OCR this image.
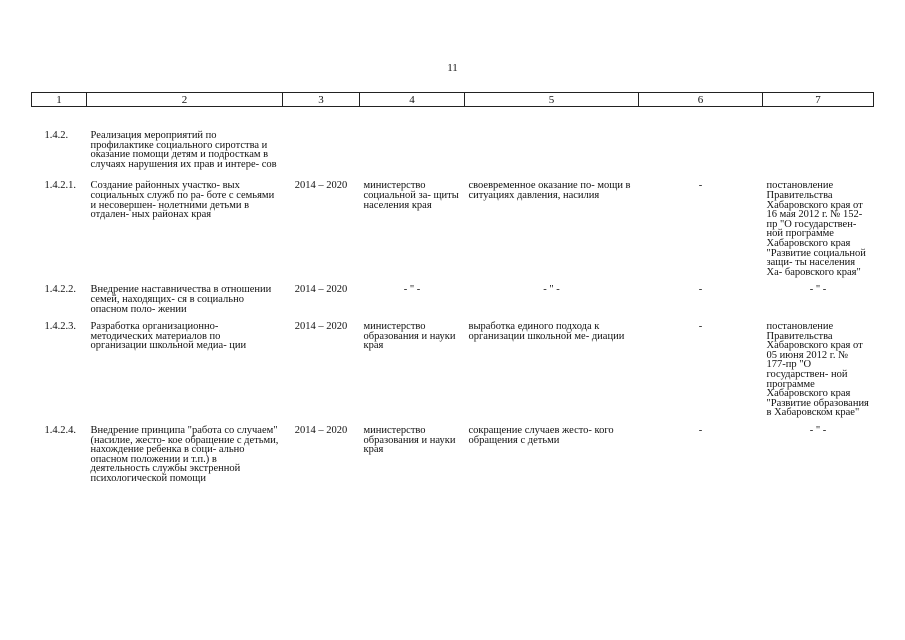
11
1	2	3	4	5	6	7
1.4.2.	Реализация мероприятий по профилактике социального сиротства и оказание помощи детям и подросткам в случаях нарушения их прав и интере- сов					
1.4.2.1.	Создание районных участко- вых социальных служб по ра- боте с семьями и несовершен- нолетними детьми в отдален- ных районах края	2014 – 2020	министерство социальной за- щиты населения края	своевременное оказание по- мощи в ситуациях давления, насилия	-	постановление Правительства Хабаровского края от 16 мая 2012 г. № 152-пр "О государствен- ной программе Хабаровского края "Развитие социальной защи- ты населения Ха- баровского края"
1.4.2.2.	Внедрение наставничества в отношении семей, находящих- ся в социально опасном поло- жении	2014 – 2020	- " -	- " -	-	- " -
1.4.2.3.	Разработка организационно- методических материалов по организации школьной медиа- ции	2014 – 2020	министерство образования и науки края	выработка единого подхода к организации школьной ме- диации	-	постановление Правительства Хабаровского края от 05 июня 2012 г. № 177-пр "О государствен- ной программе Хабаровского края "Развитие образования в Хабаровском крае"
1.4.2.4.	Внедрение принципа "работа со случаем" (насилие, жесто- кое обращение с детьми, нахождение ребенка в соци- ально опасном положении и т.п.) в деятельность службы экстренной психологической помощи	2014 – 2020	министерство образования и науки края	сокращение случаев жесто- кого обращения с детьми	-	- " -
